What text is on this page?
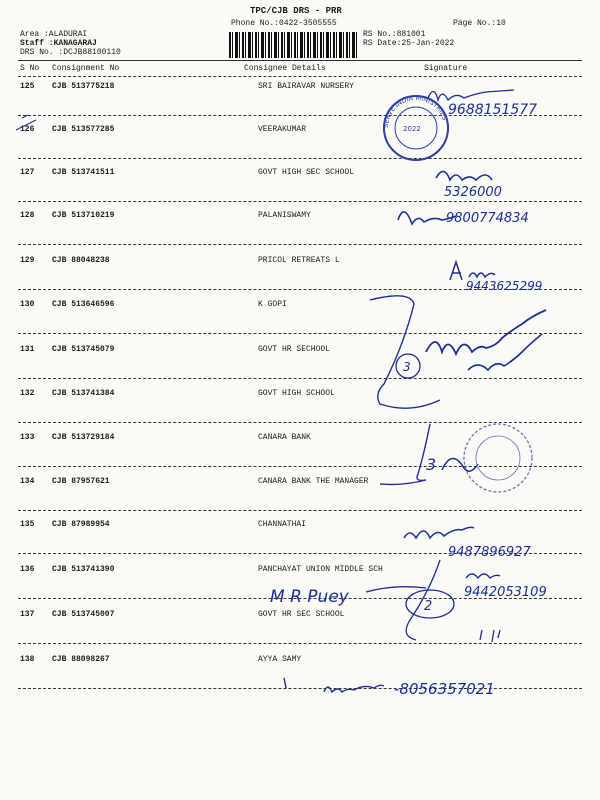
TPC/CJB DRS - PRR
Phone No.:0422-3505555	Page No.:10
Area :ALADURAI
Staff :KANAGARAJ
DRS No. :DCJB88100110
RS No.:881001
RS Date:25-Jan-2022
S No Consignment No	Consignee Details	Signature
125 CJB 513775218	SRI BAIRAVAR NURSERY
126 CJB 513577285	VEERAKUMAR
127 CJB 513741511	GOVT HIGH SEC SCHOOL
128 CJB 513710219	PALANISWAMY
129 CJB 88048238	PRICOL RETREATS L
130 CJB 513646596	K GOPI
131 CJB 513745079	GOVT HR SECHOOL
132 CJB 513741384	GOVT HIGH SCHOOL
133 CJB 513729184	CANARA BANK
134 CJB 87957621	CANARA BANK THE MANAGER
135 CJB 87989954	CHANNATHAI
136 CJB 513741390	PANCHAYAT UNION MIDDLE SCH
137 CJB 513745007	GOVT HR SEC SCHOOL
138 CJB 88098267	AYYA SAMY
9688151577
SERVE INDIA MINISTRIES
2022
5326000
9800774834
9443625299
3
3
9487896927
M R Puey	9442053109
2
-8056357021
